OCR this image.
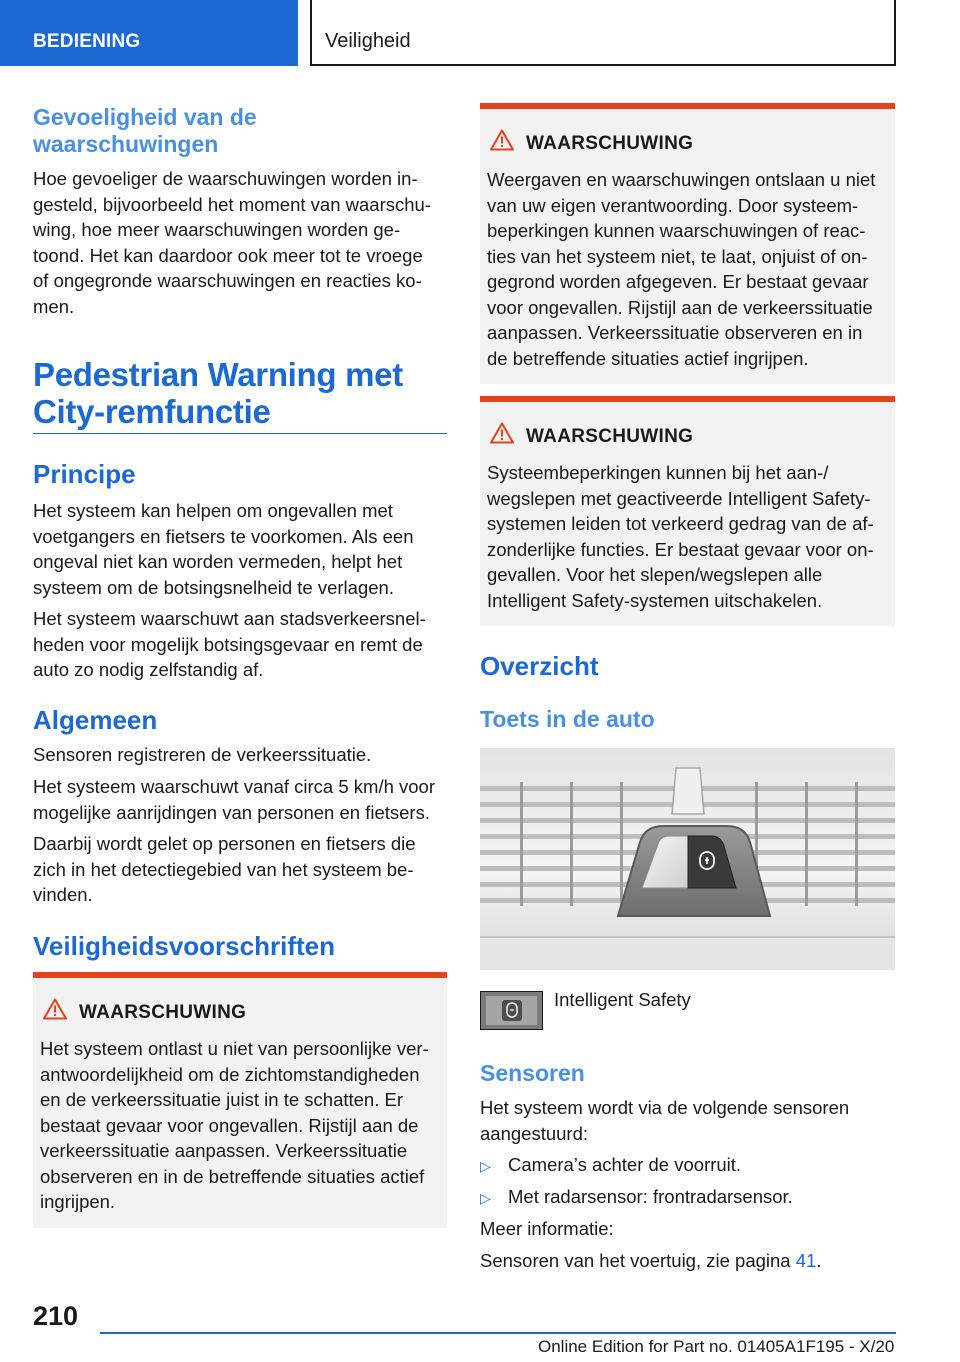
BEDIENING	Veiligheid
Gevoeligheid van de
waarschuwingen
Hoe gevoeliger de waarschuwingen worden in-
gesteld, bijvoorbeeld het moment van waarschu-
wing, hoe meer waarschuwingen worden ge-
toond. Het kan daardoor ook meer tot te vroege
of ongegronde waarschuwingen en reacties ko-
men.
Pedestrian Warning met
City-remfunctie
Principe
Het systeem kan helpen om ongevallen met
voetgangers en fietsers te voorkomen. Als een
ongeval niet kan worden vermeden, helpt het
systeem om de botsingsnelheid te verlagen.
Het systeem waarschuwt aan stadsverkeersnel-
heden voor mogelijk botsingsgevaar en remt de
auto zo nodig zelfstandig af.
Algemeen
Sensoren registreren de verkeerssituatie.
Het systeem waarschuwt vanaf circa 5 km/h voor
mogelijke aanrijdingen van personen en fietsers.
Daarbij wordt gelet op personen en fietsers die
zich in het detectiegebied van het systeem be-
vinden.
Veiligheidsvoorschriften
WAARSCHUWING
Het systeem ontlast u niet van persoonlijke ver-
antwoordelijkheid om de zichtomstandigheden
en de verkeerssituatie juist in te schatten. Er
bestaat gevaar voor ongevallen. Rijstijl aan de
verkeerssituatie aanpassen. Verkeerssituatie
observeren en in de betreffende situaties actief
ingrijpen.
WAARSCHUWING
Weergaven en waarschuwingen ontslaan u niet
van uw eigen verantwoording. Door systeem-
beperkingen kunnen waarschuwingen of reac-
ties van het systeem niet, te laat, onjuist of on-
gegrond worden afgegeven. Er bestaat gevaar
voor ongevallen. Rijstijl aan de verkeerssituatie
aanpassen. Verkeerssituatie observeren en in
de betreffende situaties actief ingrijpen.
WAARSCHUWING
Systeembeperkingen kunnen bij het aan-/
wegslepen met geactiveerde Intelligent Safety-
systemen leiden tot verkeerd gedrag van de af-
zonderlijke functies. Er bestaat gevaar voor on-
gevallen. Voor het slepen/wegslepen alle
Intelligent Safety-systemen uitschakelen.
Overzicht
Toets in de auto
Intelligent Safety
Sensoren
Het systeem wordt via de volgende sensoren
aangestuurd:
▷ Camera’s achter de voorruit.
▷ Met radarsensor: frontradarsensor.
Meer informatie:
Sensoren van het voertuig, zie pagina 41.
210
Online Edition for Part no. 01405A1F195 - X/20
